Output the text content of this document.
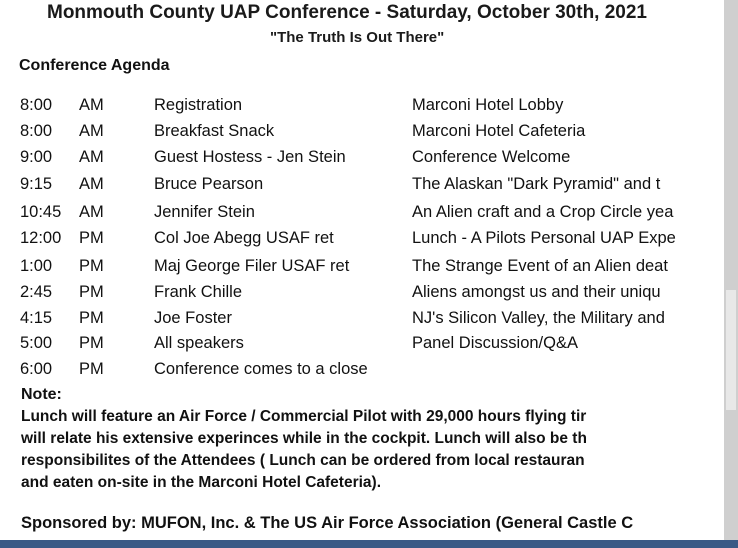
Monmouth County UAP Conference - Saturday, October 30th, 2021
"The Truth Is Out There"
Conference Agenda
8:00 AM	Registration	Marconi Hotel Lobby
8:00 AM	Breakfast Snack	Marconi Hotel Cafeteria
9:00 AM	Guest Hostess - Jen Stein	Conference Welcome
9:15 AM	Bruce Pearson	The Alaskan "Dark Pyramid" and t
10:45 AM	Jennifer Stein	An Alien craft and a Crop Circle yea
12:00 PM	Col Joe Abegg USAF ret	Lunch - A Pilots Personal UAP Expe
1:00 PM	Maj George Filer USAF ret	The Strange Event of an Alien deat
2:45 PM	Frank Chille	Aliens amongst us and their uniqu
4:15 PM	Joe Foster	NJ's Silicon Valley, the Military and
5:00 PM	All speakers	Panel Discussion/Q&A
6:00 PM	Conference comes to a close
Note:
Lunch will feature an Air Force / Commercial Pilot with 29,000 hours flying tir
will relate his extensive experinces while in the cockpit. Lunch will also be th
responsibilites of the Attendees ( Lunch can be ordered from local restauran
and eaten on-site in the Marconi Hotel Cafeteria).
Sponsored by: MUFON, Inc. & The US Air Force Association (General Castle C
